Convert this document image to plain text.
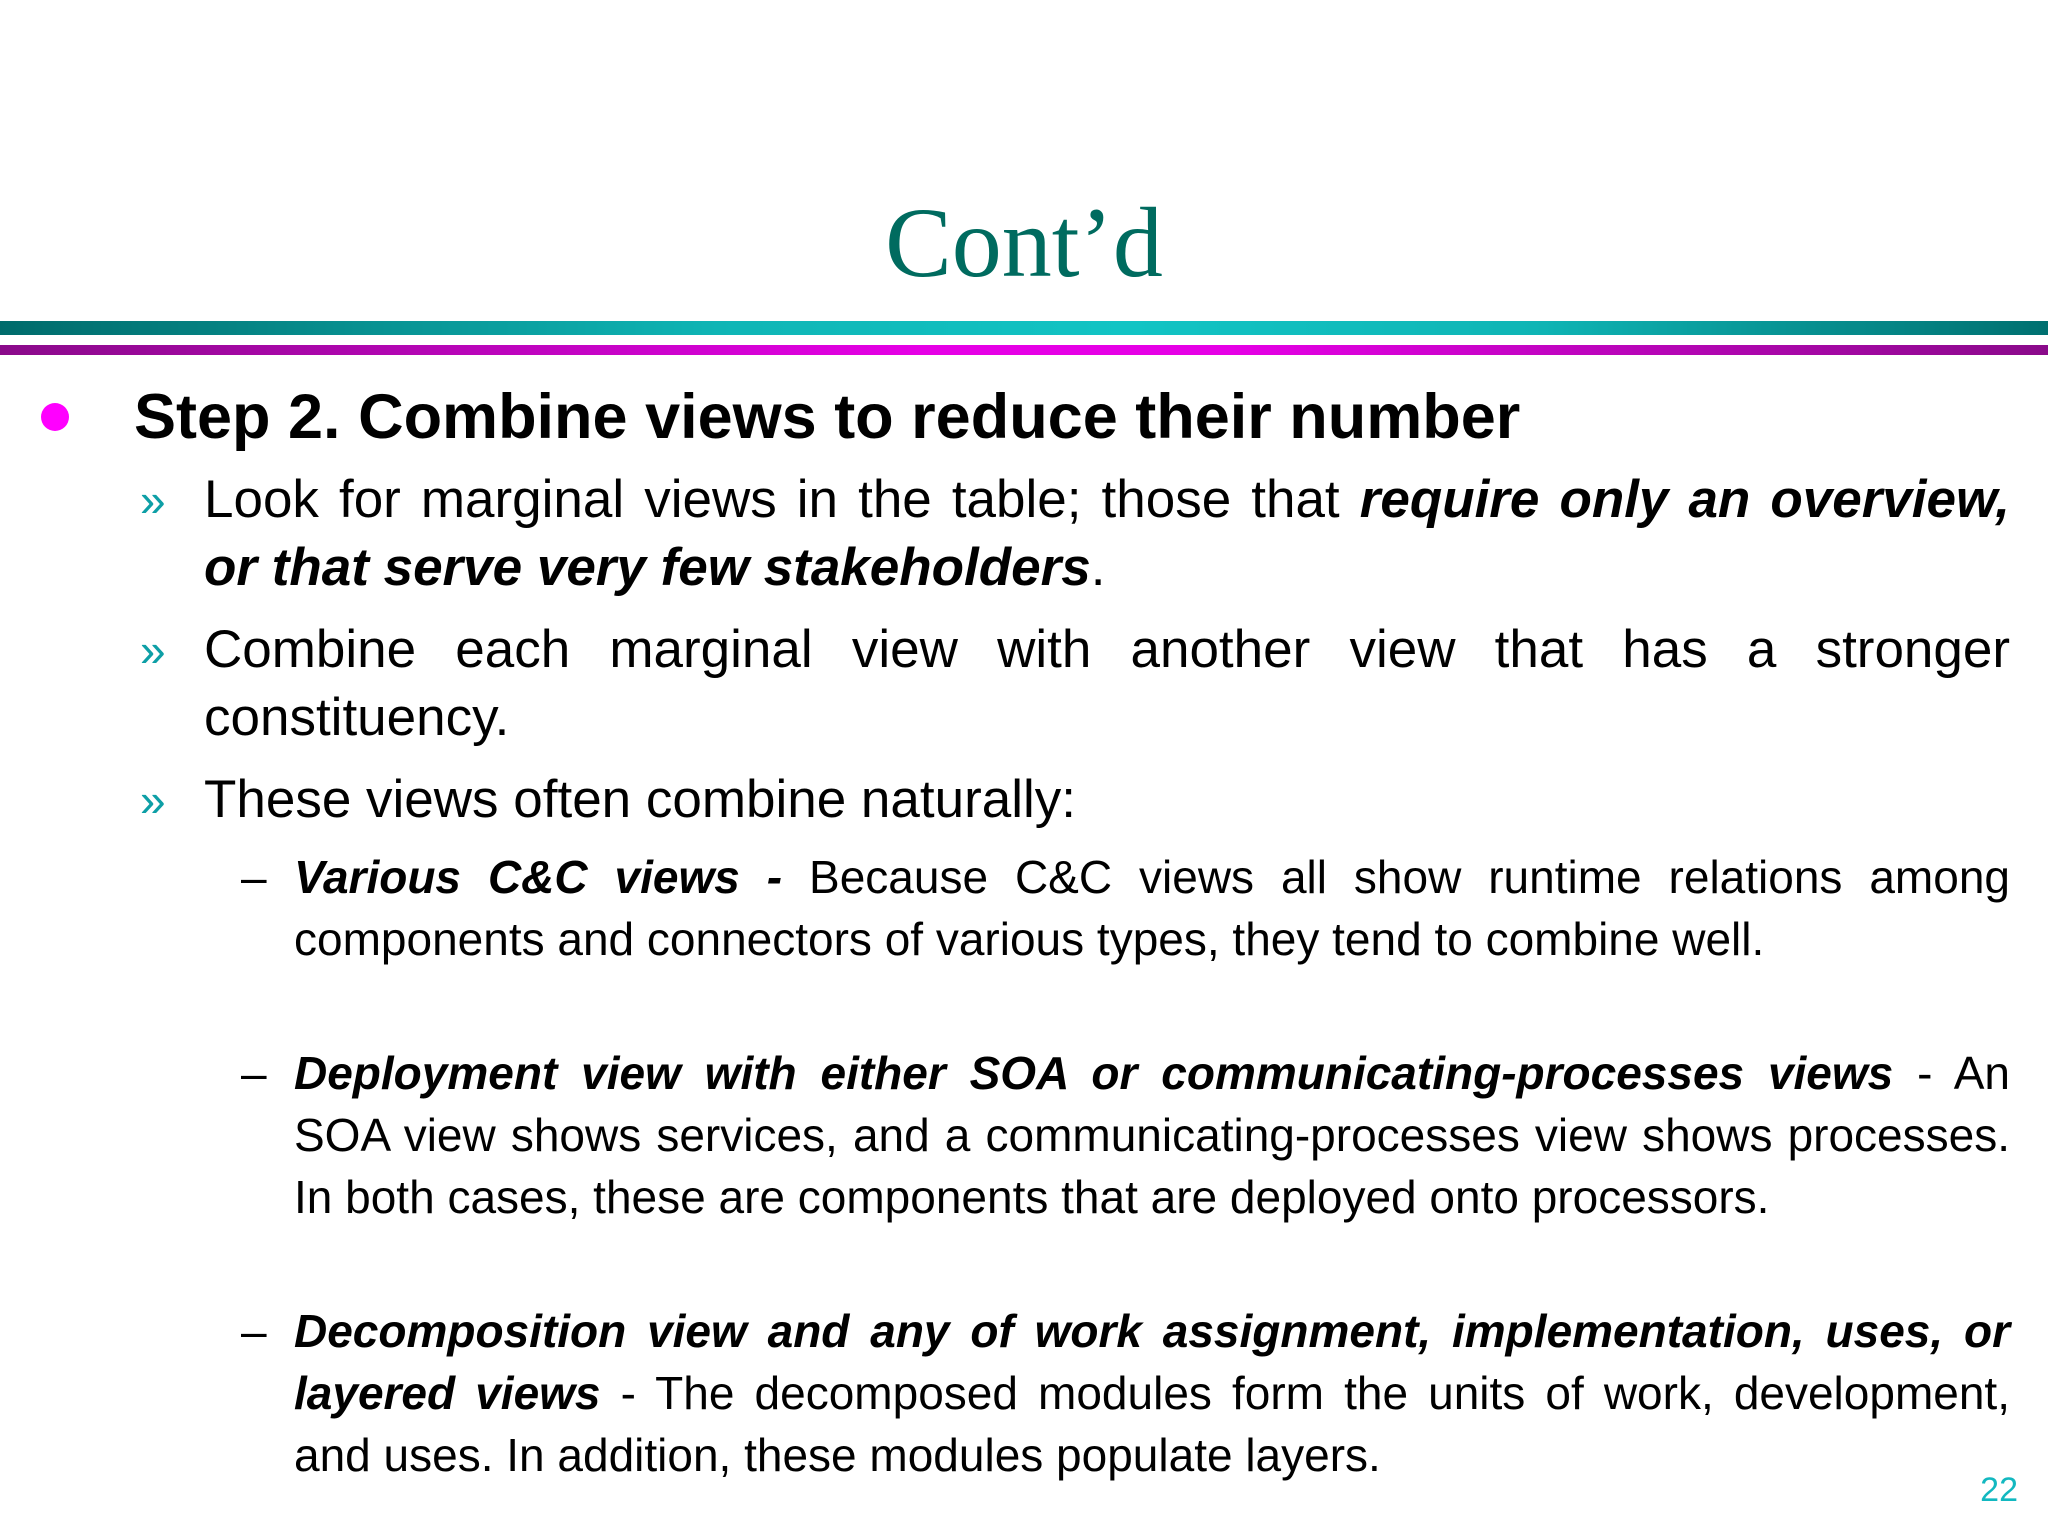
Cont’d
Step 2. Combine views to reduce their number
» Look for marginal views in the table; those that require only an overview, or that serve very few stakeholders.
» Combine each marginal view with another view that has a stronger constituency.
» These views often combine naturally:
– Various C&C views - Because C&C views all show runtime relations among components and connectors of various types, they tend to combine well.
– Deployment view with either SOA or communicating-processes views - An SOA view shows services, and a communicating-processes view shows processes. In both cases, these are components that are deployed onto processors.
– Decomposition view and any of work assignment, implementation, uses, or layered views - The decomposed modules form the units of work, development, and uses. In addition, these modules populate layers.
22
